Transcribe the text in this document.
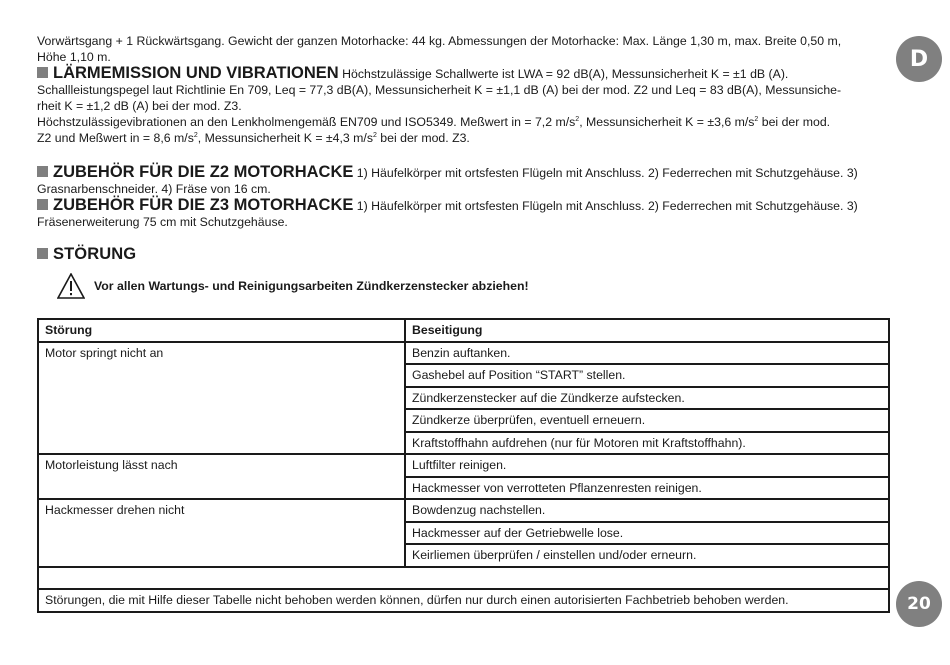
Vorwärtsgang + 1 Rückwärtsgang. Gewicht der ganzen Motorhacke: 44 kg. Abmessungen der Motorhacke: Max. Länge 1,30 m, max. Breite 0,50 m,

Höhe 1,10 m.

LÄRMEMISSION UND VIBRATIONEN Höchstzulässige Schallwerte ist LWA = 92 dB(A), Messunsicherheit K = ±1 dB (A).

Schallleistungspegel laut Richtlinie En 709, Leq = 77,3 dB(A), Messunsicherheit K = ±1,1 dB (A) bei der mod. Z2 und Leq = 83 dB(A), Messunsiche-

rheit K = ±1,2 dB (A) bei der mod. Z3.

Höchstzulässigevibrationen an den Lenkholmengemäß EN709 und ISO5349. Meßwert in = 7,2 $m/s^2$, Messunsicherheit K = ±3,6 $m/s^2$ bei der mod.

Z2 und Meßwert in = 8,6 $m/s^2$, Messunsicherheit K = ±4,3 $m/s^2$ bei der mod. Z3.

ZUBEHÖR FÜR DIE Z2 MOTORHACKE 1) Häufelkörper mit ortsfesten Flügeln mit Anschluss. 2) Federrechen mit Schutzgehäuse. 3)

Grasnarbenschneider. 4) Fräse von 16 cm.

ZUBEHÖR FÜR DIE Z3 MOTORHACKE 1) Häufelkörper mit ortsfesten Flügeln mit Anschluss. 2) Federrechen mit Schutzgehäuse. 3)

Fräsenerweiterung 75 cm mit Schutzgehäuse.

STÖRUNG

Vor allen Wartungs- und Reinigungsarbeiten Zündkerzenstecker abziehen!
Störung	Beseitigung
Motor springt nicht an	Benzin auftanken.
	Gashebel auf Position “START” stellen.
	Zündkerzenstecker auf die Zündkerze aufstecken.
	Zündkerze überprüfen, eventuell erneuern.
	Kraftstoffhahn aufdrehen (nur für Motoren mit Kraftstoffhahn).
Motorleistung lässt nach	Luftfilter reinigen.
	Hackmesser von verrotteten Pflanzenresten reinigen.
Hackmesser drehen nicht	Bowdenzug nachstellen.
	Hackmesser auf der Getriebwelle lose.
	Keirliemen überprüfen / einstellen und/oder erneurn.

Störungen, die mit Hilfe dieser Tabelle nicht behoben werden können, dürfen nur durch einen autorisierten Fachbetrieb behoben werden.	
D
20
